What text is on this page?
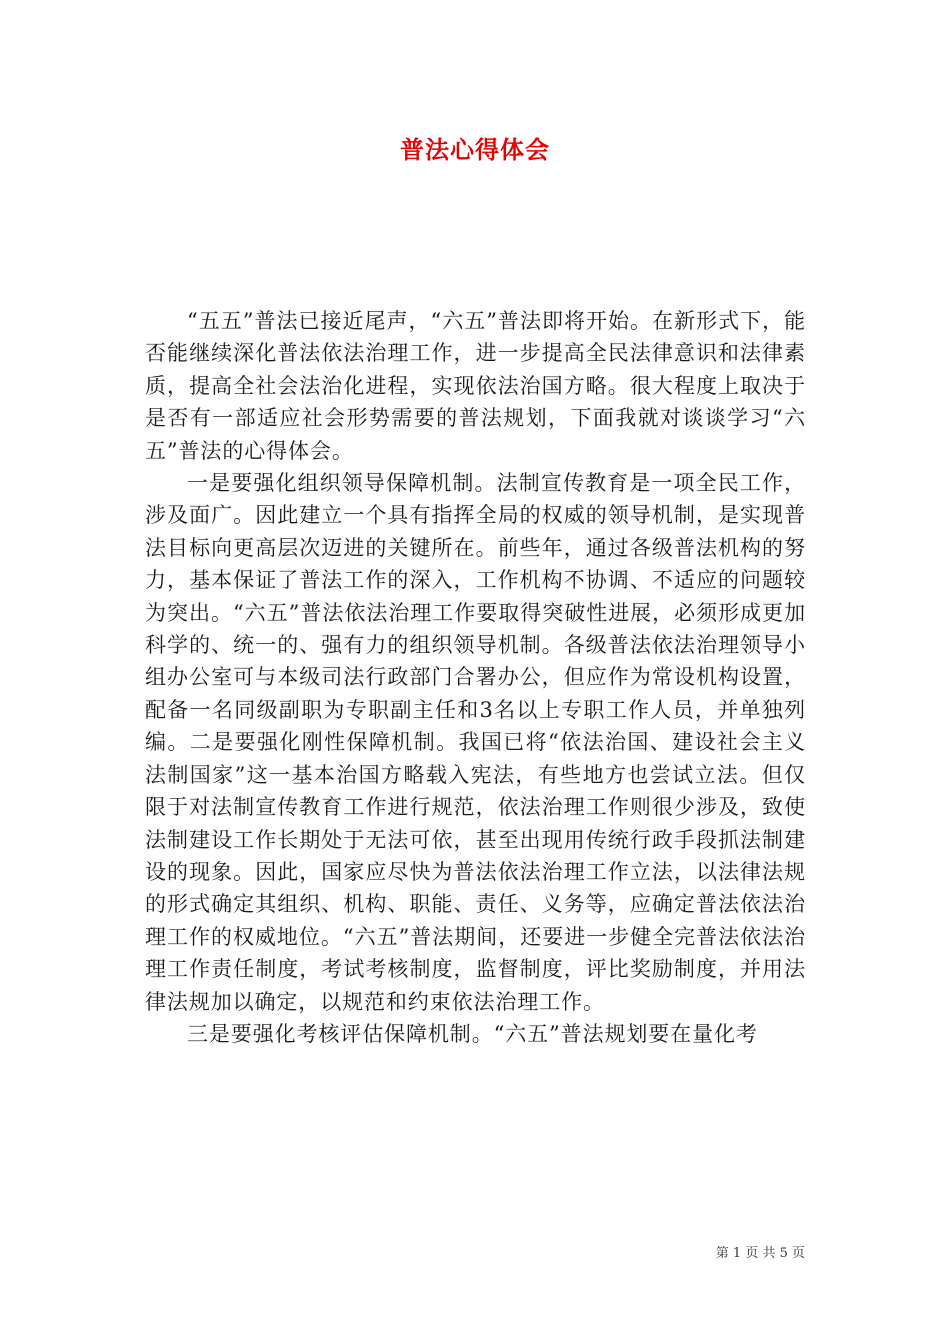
普法心得体会

“五五”普法已接近尾声，“六五”普法即将开始。在新形式下，能否能继续深化普法依法治理工作，进一步提高全民法律意识和法律素质，提高全社会法治化进程，实现依法治国方略。很大程度上取决于是否有一部适应社会形势需要的普法规划，下面我就对谈谈学习“六五”普法的心得体会。

一是要强化组织领导保障机制。法制宣传教育是一项全民工作，涉及面广。因此建立一个具有指挥全局的权威的领导机制，是实现普法目标向更高层次迈进的关键所在。前些年，通过各级普法机构的努力，基本保证了普法工作的深入，工作机构不协调、不适应的问题较为突出。“六五”普法依法治理工作要取得突破性进展，必须形成更加科学的、统一的、强有力的组织领导机制。各级普法依法治理领导小组办公室可与本级司法行政部门合署办公，但应作为常设机构设置，配备一名同级副职为专职副主任和3名以上专职工作人员，并单独列编。二是要强化刚性保障机制。我国已将“依法治国、建设社会主义法制国家”这一基本治国方略载入宪法，有些地方也尝试立法。但仅限于对法制宣传教育工作进行规范，依法治理工作则很少涉及，致使法制建设工作长期处于无法可依，甚至出现用传统行政手段抓法制建设的现象。因此，国家应尽快为普法依法治理工作立法，以法律法规的形式确定其组织、机构、职能、责任、义务等，应确定普法依法治理工作的权威地位。“六五”普法期间，还要进一步健全完普法依法治理工作责任制度，考试考核制度，监督制度，评比奖励制度，并用法律法规加以确定，以规范和约束依法治理工作。

三是要强化考核评估保障机制。“六五”普法规划要在量化考

第 1 页 共 5 页
